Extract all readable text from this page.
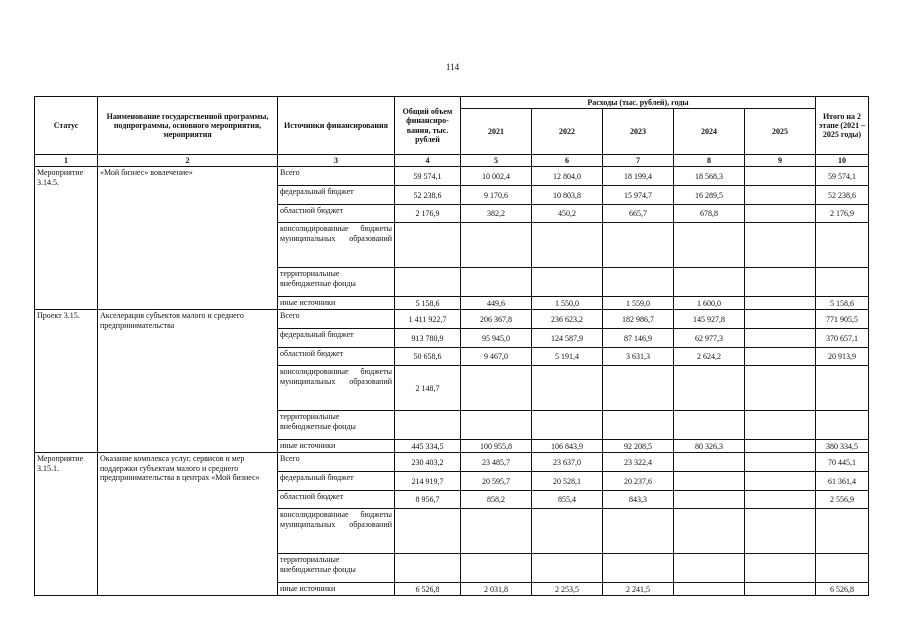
114
Статус	Наименование государственной программы, подпрограммы, основного мероприятия, мероприятия	Источники финансирования	Общий объем финансиро-вания, тыс. рублей	Расходы (тыс. рублей), годы					Итого на 2 этапе (2021 – 2025 годы)
				2021	2022	2023	2024	2025	
1	2	3	4	5	6	7	8	9	10
Мероприятие 3.14.5.	«Мой бизнес» вовлечение»	Всего	59 574,1	10 002,4	12 804,0	18 199,4	18 568,3		59 574,1
		федеральный бюджет	52 238,6	9 170,6	10 803,8	15 974,7	16 289,5		52 238,6
		областной бюджет	2 176,9	382,2	450,2	665,7	678,8		2 176,9
		консолидированные бюджеты муниципальных образований							
		территориальные внебюджетные фонды							
		иные источники	5 158,6	449,6	1 550,0	1 559,0	1 600,0		5 158,6
Проект 3.15.	Акселерация субъектов малого и среднего предпринимательства	Всего	1 411 922,7	206 367,8	236 623,2	182 986,7	145 927,8		771 905,5
		федеральный бюджет	913 780,9	95 945,0	124 587,9	87 146,9	62 977,3		370 657,1
		областной бюджет	50 658,6	9 467,0	5 191,4	3 631,3	2 624,2		20 913,9
		консолидированные бюджеты муниципальных образований	2 148,7						
		территориальные внебюджетные фонды							
		иные источники	445 334,5	100 955,8	106 843,9	92 208,5	80 326,3		380 334,5
Мероприятие 3.15.1.	Оказание комплекса услуг, сервисов и мер поддержки субъектам малого и среднего предпринимательства в центрах «Мой бизнес»	Всего	230 403,2	23 485,7	23 637,0	23 322,4			70 445,1
		федеральный бюджет	214 919,7	20 595,7	20 528,1	20 237,6			61 361,4
		областной бюджет	8 956,7	858,2	855,4	843,3			2 556,9
		консолидированные бюджеты муниципальных образований							
		территориальные внебюджетные фонды							
		иные источники	6 526,8	2 031,8	2 253,5	2 241,5			6 526,8
